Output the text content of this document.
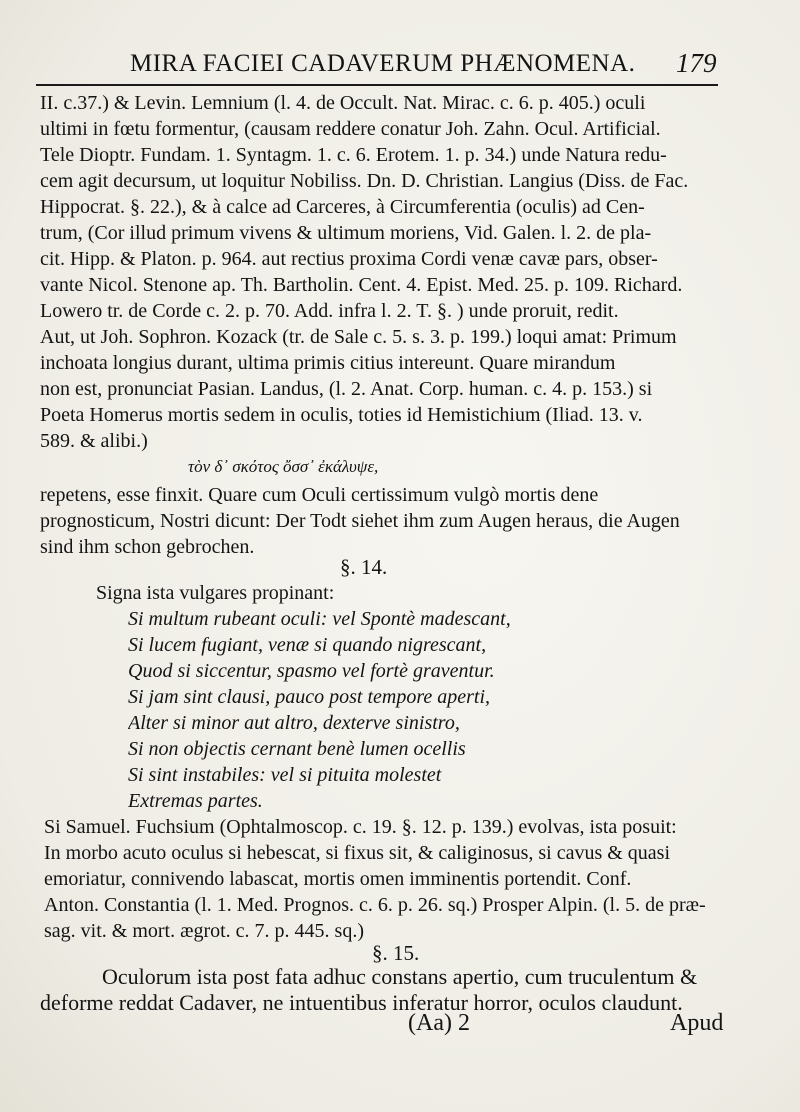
MIRA FACIEI CADAVERUM PHÆNOMENA.	179
II. c.37.) & Levin. Lemnium (l. 4. de Occult. Nat. Mirac. c. 6. p. 405.) oculi
ultimi in fœtu formentur, (causam reddere conatur Joh. Zahn. Ocul. Artificial.
Tele Dioptr. Fundam. 1. Syntagm. 1. c. 6. Erotem. 1. p. 34.) unde Natura redu-
cem agit decursum, ut loquitur Nobiliss. Dn. D. Christian. Langius (Diss. de Fac.
Hippocrat. §. 22.), & à calce ad Carceres, à Circumferentia (oculis) ad Cen-
trum, (Cor illud primum vivens & ultimum moriens, Vid. Galen. l. 2. de pla-
cit. Hipp. & Platon. p. 964. aut rectius proxima Cordi venæ cavæ pars, obser-
vante Nicol. Stenone ap. Th. Bartholin. Cent. 4. Epist. Med. 25. p. 109. Richard.
Lowero tr. de Corde c. 2. p. 70. Add. infra l. 2. T. §. ) unde proruit, redit.
Aut, ut Joh. Sophron. Kozack (tr. de Sale c. 5. s. 3. p. 199.) loqui amat: Primum
inchoata longius durant, ultima primis citius intereunt. Quare mirandum
non est, pronunciat Pasian. Landus, (l. 2. Anat. Corp. human. c. 4. p. 153.) si
Poeta Homerus mortis sedem in oculis, toties id Hemistichium (Iliad. 13. v.
589. & alibi.)
τὸν δ᾽ σκότος ὄσσ᾽ ἐκάλυψε,
repetens, esse finxit. Quare cum Oculi certissimum vulgò mortis dene
prognosticum, Nostri dicunt: Der Todt siehet ihm zum Augen heraus, die Augen
sind ihm schon gebrochen.
§. 14.
Signa ista vulgares propinant:
Si multum rubeant oculi: vel Spontè madescant,
Si lucem fugiant, venæ si quando nigrescant,
Quod si siccentur, spasmo vel fortè graventur.
Si jam sint clausi, pauco post tempore aperti,
Alter si minor aut altro, dexterve sinistro,
Si non objectis cernant benè lumen ocellis
Si sint instabiles: vel si pituita molestet
Extremas partes.
Si Samuel. Fuchsium (Ophtalmoscop. c. 19. §. 12. p. 139.) evolvas, ista posuit:
In morbo acuto oculus si hebescat, si fixus sit, & caliginosus, si cavus & quasi
emoriatur, connivendo labascat, mortis omen imminentis portendit. Conf.
Anton. Constantia (l. 1. Med. Prognos. c. 6. p. 26. sq.) Prosper Alpin. (l. 5. de præ-
sag. vit. & mort. ægrot. c. 7. p. 445. sq.)
§. 15.
Oculorum ista post fata adhuc constans apertio, cum truculentum &
deforme reddat Cadaver, ne intuentibus inferatur horror, oculos claudunt.
(Aa) 2	Apud
